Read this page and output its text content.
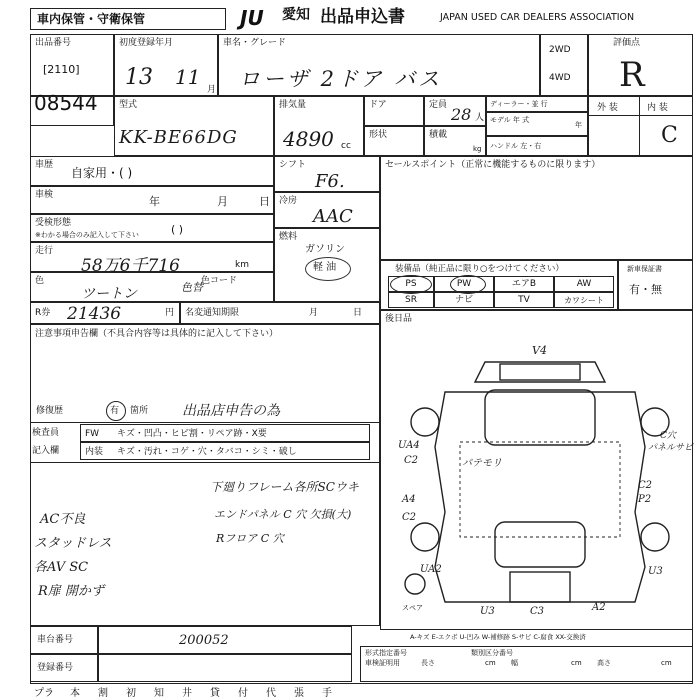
車内保管・守衛保管	JU 愛知 出品申込書	JAPAN USED CAR DEALERS ASSOCIATION
出品番号
[2110]
08544
初度登録年月
13 11
月
車名・グレード
ローザ 2ドア バス
2WD
4WD
評価点
R
型式
KK-BE66DG
排気量
4890 cc
ドア	定員 28 人
ディーラー・並 行
モデル 年 式
年
形状	積載
kg ハンドル 左・右
外 装	内 装
C
車歴
自家用・( )
車検	年	月	日
受検形態
※わかる場合のみ記入して下さい	( )
走行
58万6千716	km
色
ツートン	色替
色コード
R券 21436	円 名変通知期限	月	日
シフト
F6.
冷房
AAC
燃料
ガソリン
軽 油
セールスポイント（正常に機能するものに限ります）
装備品（純正品に限り○をつけてください）
PS	PW	エアB	AW
SR	ナビ	TV	カワシート
新車保証書
有・無
後日品
注意事項申告欄（不具合内容等は具体的に記入して下さい）
修復歴	有 箇所 出品店申告の為
検査員
記入欄
FW キズ・凹凸・ヒビ割・リペア跡・X要
内装 キズ・汚れ・コゲ・穴・タバコ・シミ・破し
下廻りフレーム各所SCウキ
AC不良	エンドパネル C 穴 欠損(大)
スタッドレス	Rフロア C 穴
各AV SC
R扉 開かず
V4
C穴
パネルサビ
UA4
C2	パテモリ
C2
P2
A4
C2
UA2	U3
スペア	U3	C3	A2
A-キズ E-エクボ U-凹み W-補修跡 S-サビ C-腐食 XX-交換済
車台番号	200052
登録番号
形式指定番号	類別区分番号
車検証明用	長さ	cm 幅	cm 高さ	cm
プラ 本 割 初 知 井 貸 付 代 張 手
